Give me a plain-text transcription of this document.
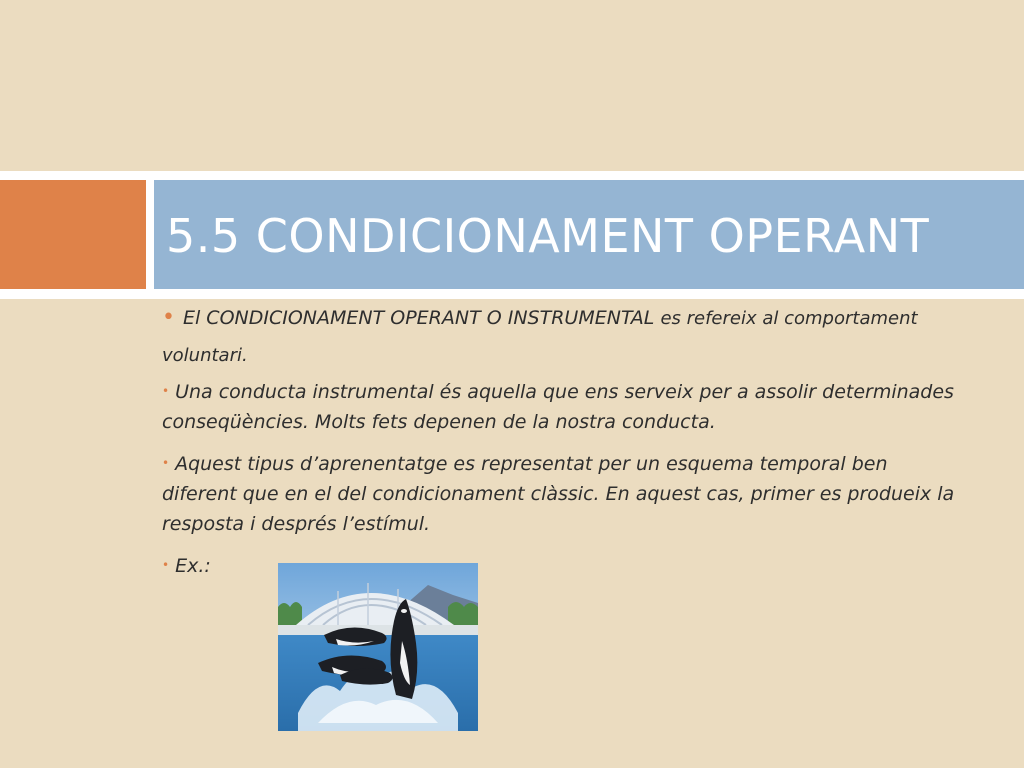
5.5 CONDICIONAMENT OPERANT
• El CONDICIONAMENT OPERANT O INSTRUMENTAL es refereix al comportament voluntari.
• Una conducta instrumental és aquella que ens serveix per a assolir determinades conseqüències. Molts fets depenen de la nostra conducta.
• Aquest tipus d’aprenentatge es representat per un esquema temporal ben diferent que en el del condicionament clàssic. En aquest cas, primer es produeix la resposta i després l’estímul.
• Ex.:
